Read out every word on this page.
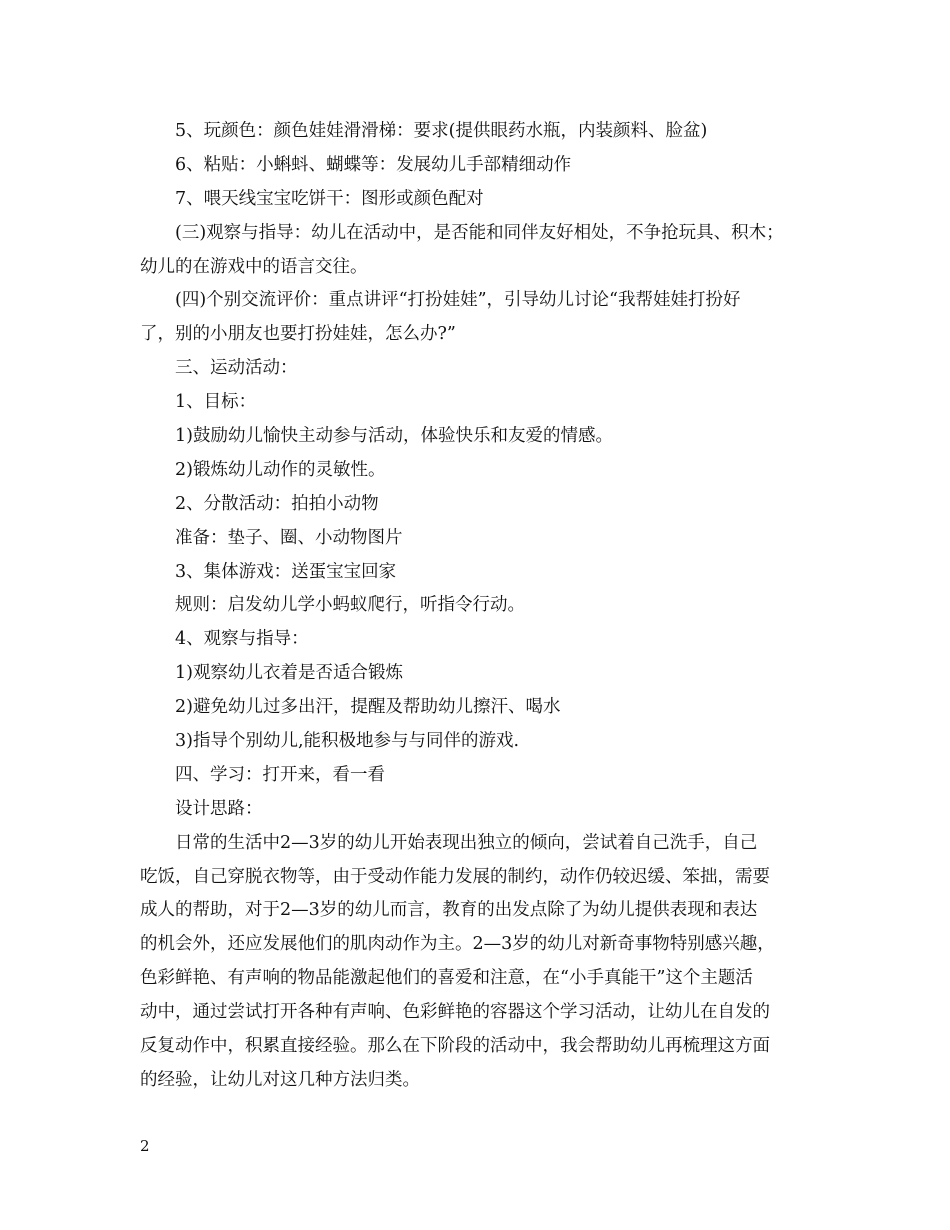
5、玩颜色：颜色娃娃滑滑梯：要求(提供眼药水瓶，内装颜料、脸盆)
6、粘贴：小蝌蚪、蝴蝶等：发展幼儿手部精细动作
7、喂天线宝宝吃饼干：图形或颜色配对
(三)观察与指导：幼儿在活动中，是否能和同伴友好相处，不争抢玩具、积木；
幼儿的在游戏中的语言交往。
(四)个别交流评价：重点讲评“打扮娃娃”，引导幼儿讨论“我帮娃娃打扮好
了，别的小朋友也要打扮娃娃，怎么办?”
三、运动活动：
1、目标：
1)鼓励幼儿愉快主动参与活动，体验快乐和友爱的情感。
2)锻炼幼儿动作的灵敏性。
2、分散活动：拍拍小动物
准备：垫子、圈、小动物图片
3、集体游戏：送蛋宝宝回家
规则：启发幼儿学小蚂蚁爬行，听指令行动。
4、观察与指导：
1)观察幼儿衣着是否适合锻炼
2)避免幼儿过多出汗，提醒及帮助幼儿擦汗、喝水
3)指导个别幼儿,能积极地参与与同伴的游戏.
四、学习：打开来，看一看
设计思路：
日常的生活中2—3岁的幼儿开始表现出独立的倾向，尝试着自己洗手，自己
吃饭，自己穿脱衣物等，由于受动作能力发展的制约，动作仍较迟缓、笨拙，需要
成人的帮助，对于2—3岁的幼儿而言，教育的出发点除了为幼儿提供表现和表达
的机会外，还应发展他们的肌肉动作为主。2—3岁的幼儿对新奇事物特别感兴趣，
色彩鲜艳、有声响的物品能激起他们的喜爱和注意，在“小手真能干”这个主题活
动中，通过尝试打开各种有声响、色彩鲜艳的容器这个学习活动，让幼儿在自发的
反复动作中，积累直接经验。那么在下阶段的活动中，我会帮助幼儿再梳理这方面
的经验，让幼儿对这几种方法归类。
2
